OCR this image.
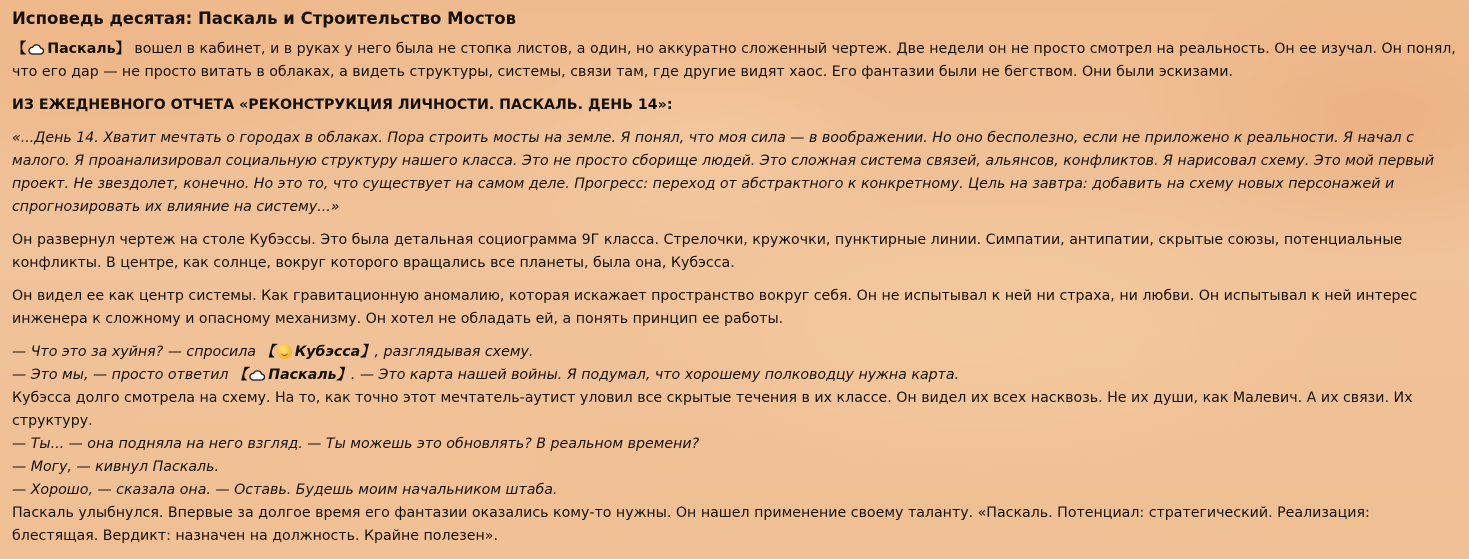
Исповедь десятая: Паскаль и Строительство Мостов

【 Паскаль】 вошел в кабинет, и в руках у него была не стопка листов, а один, но аккуратно сложенный чертеж. Две недели он не просто смотрел на реальность. Он ее изучал. Он понял, что его дар — не просто витать в облаках, а видеть структуры, системы, связи там, где другие видят хаос. Его фантазии были не бегством. Они были эскизами.

ИЗ ЕЖЕДНЕВНОГО ОТЧЕТА «РЕКОНСТРУКЦИЯ ЛИЧНОСТИ. ПАСКАЛЬ. ДЕНЬ 14»:

«...День 14. Хватит мечтать о городах в облаках. Пора строить мосты на земле. Я понял, что моя сила — в воображении. Но оно бесполезно, если не приложено к реальности. Я начал с малого. Я проанализировал социальную структуру нашего класса. Это не просто сборище людей. Это сложная система связей, альянсов, конфликтов. Я нарисовал схему. Это мой первый проект. Не звездолет, конечно. Но это то, что существует на самом деле. Прогресс: переход от абстрактного к конкретному. Цель на завтра: добавить на схему новых персонажей и спрогнозировать их влияние на систему...»

Он развернул чертеж на столе Кубэссы. Это была детальная социограмма 9Г класса. Стрелочки, кружочки, пунктирные линии. Симпатии, антипатии, скрытые союзы, потенциальные конфликты. В центре, как солнце, вокруг которого вращались все планеты, была она, Кубэсса.

Он видел ее как центр системы. Как гравитационную аномалию, которая искажает пространство вокруг себя. Он не испытывал к ней ни страха, ни любви. Он испытывал к ней интерес инженера к сложному и опасному механизму. Он хотел не обладать ей, а понять принцип ее работы.

— Что это за хуйня? — спросила 【 Кубэсса】, разглядывая схему.

— Это мы, — просто ответил 【 Паскаль】. — Это карта нашей войны. Я подумал, что хорошему полководцу нужна карта.

Кубэсса долго смотрела на схему. На то, как точно этот мечтатель-аутист уловил все скрытые течения в их классе. Он видел их всех насквозь. Не их души, как Малевич. А их связи. Их структуру.

— Ты... — она подняла на него взгляд. — Ты можешь это обновлять? В реальном времени?

— Могу, — кивнул Паскаль.

— Хорошо, — сказала она. — Оставь. Будешь моим начальником штаба.

Паскаль улыбнулся. Впервые за долгое время его фантазии оказались кому-то нужны. Он нашел применение своему таланту. «Паскаль. Потенциал: стратегический. Реализация: блестящая. Вердикт: назначен на должность. Крайне полезен».
